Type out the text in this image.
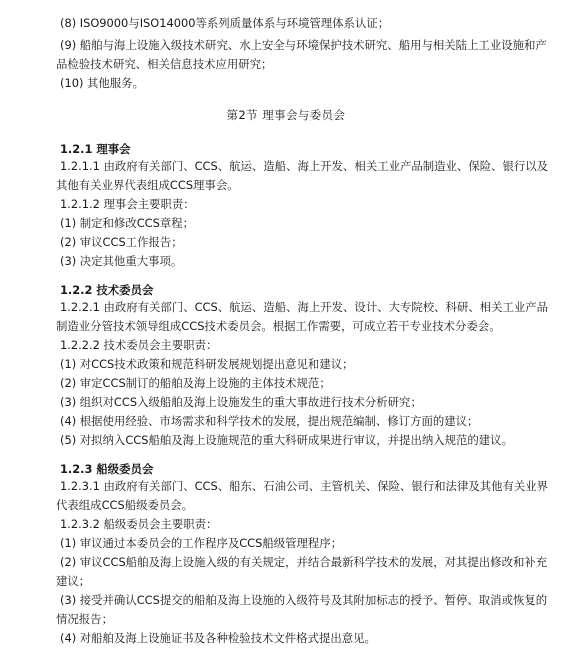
(8) ISO9000与ISO14000等系列质量体系与环境管理体系认证；
(9) 船舶与海上设施入级技术研究、水上安全与环境保护技术研究、船用与相关陆上工业设施和产
品检验技术研究、相关信息技术应用研究；
(10) 其他服务。
第2节 理事会与委员会
1.2.1 理事会
1.2.1.1 由政府有关部门、CCS、航运、造船、海上开发、相关工业产品制造业、保险、银行以及
其他有关业界代表组成CCS理事会。
1.2.1.2 理事会主要职责：
(1) 制定和修改CCS章程；
(2) 审议CCS工作报告；
(3) 决定其他重大事项。
1.2.2 技术委员会
1.2.2.1 由政府有关部门、CCS、航运、造船、海上开发、设计、大专院校、科研、相关工业产品
制造业分管技术领导组成CCS技术委员会。根据工作需要，可成立若干专业技术分委会。
1.2.2.2 技术委员会主要职责：
(1) 对CCS技术政策和规范科研发展规划提出意见和建议；
(2) 审定CCS制订的船舶及海上设施的主体技术规范；
(3) 组织对CCS入级船舶及海上设施发生的重大事故进行技术分析研究；
(4) 根据使用经验、市场需求和科学技术的发展，提出规范编制、修订方面的建议；
(5) 对拟纳入CCS船舶及海上设施规范的重大科研成果进行审议，并提出纳入规范的建议。
1.2.3 船级委员会
1.2.3.1 由政府有关部门、CCS、船东、石油公司、主管机关、保险、银行和法律及其他有关业界
代表组成CCS船级委员会。
1.2.3.2 船级委员会主要职责：
(1) 审议通过本委员会的工作程序及CCS船级管理程序；
(2) 审议CCS船舶及海上设施入级的有关规定，并结合最新科学技术的发展，对其提出修改和补充
建议；
(3) 接受并确认CCS提交的船舶及海上设施的入级符号及其附加标志的授予、暂停、取消或恢复的
情况报告；
(4) 对船舶及海上设施证书及各种检验技术文件格式提出意见。
